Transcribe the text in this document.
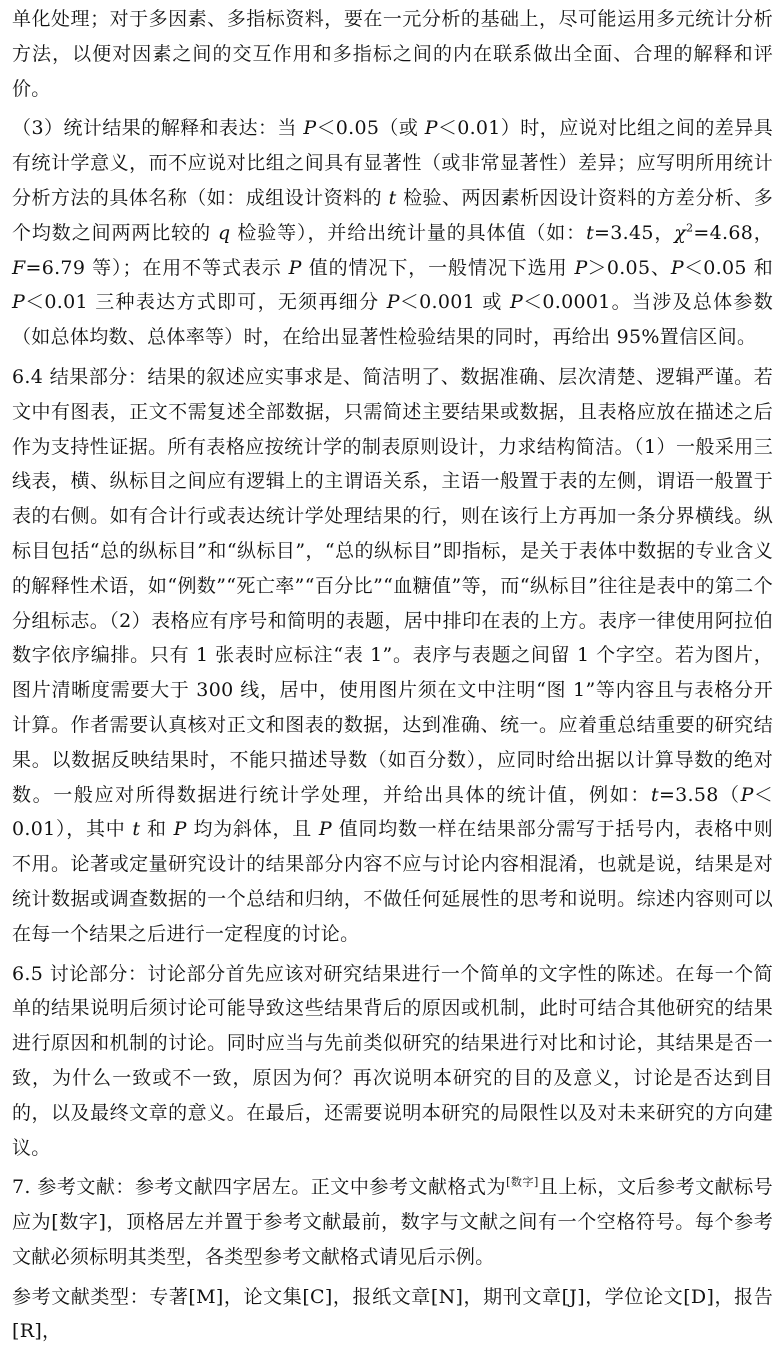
单化处理；对于多因素、多指标资料，要在一元分析的基础上，尽可能运用多元统计分析方法，以便对因素之间的交互作用和多指标之间的内在联系做出全面、合理的解释和评价。

（3）统计结果的解释和表达：当 P＜0.05（或 P＜0.01）时，应说对比组之间的差异具有统计学意义，而不应说对比组之间具有显著性（或非常显著性）差异；应写明所用统计分析方法的具体名称（如：成组设计资料的 t 检验、两因素析因设计资料的方差分析、多个均数之间两两比较的 q 检验等），并给出统计量的具体值（如：t=3.45，$\chi^2=4.68$，F=6.79 等）；在用不等式表示 P 值的情况下，一般情况下选用 P＞0.05、P＜0.05 和 P＜0.01 三种表达方式即可，无须再细分 P＜0.001 或 P＜0.0001。当涉及总体参数（如总体均数、总体率等）时，在给出显著性检验结果的同时，再给出 95%置信区间。

6.4 结果部分：结果的叙述应实事求是、简洁明了、数据准确、层次清楚、逻辑严谨。若文中有图表，正文不需复述全部数据，只需简述主要结果或数据，且表格应放在描述之后作为支持性证据。所有表格应按统计学的制表原则设计，力求结构简洁。（1）一般采用三线表，横、纵标目之间应有逻辑上的主谓语关系，主语一般置于表的左侧，谓语一般置于表的右侧。如有合计行或表达统计学处理结果的行，则在该行上方再加一条分界横线。纵标目包括“总的纵标目”和“纵标目”，“总的纵标目”即指标，是关于表体中数据的专业含义的解释性术语，如“例数”“死亡率”“百分比”“血糖值”等，而“纵标目”往往是表中的第二个分组标志。（2）表格应有序号和简明的表题，居中排印在表的上方。表序一律使用阿拉伯数字依序编排。只有 1 张表时应标注“表 1”。表序与表题之间留 1 个字空。若为图片，图片清晰度需要大于 300 线，居中，使用图片须在文中注明“图 1”等内容且与表格分开计算。作者需要认真核对正文和图表的数据，达到准确、统一。应着重总结重要的研究结果。以数据反映结果时，不能只描述导数（如百分数），应同时给出据以计算导数的绝对数。一般应对所得数据进行统计学处理，并给出具体的统计值，例如：t=3.58（P＜0.01），其中 t 和 P 均为斜体，且 P 值同均数一样在结果部分需写于括号内，表格中则不用。论著或定量研究设计的结果部分内容不应与讨论内容相混淆，也就是说，结果是对统计数据或调查数据的一个总结和归纳，不做任何延展性的思考和说明。综述内容则可以在每一个结果之后进行一定程度的讨论。

6.5 讨论部分：讨论部分首先应该对研究结果进行一个简单的文字性的陈述。在每一个简单的结果说明后须讨论可能导致这些结果背后的原因或机制，此时可结合其他研究的结果进行原因和机制的讨论。同时应当与先前类似研究的结果进行对比和讨论，其结果是否一致，为什么一致或不一致，原因为何？再次说明本研究的目的及意义，讨论是否达到目的，以及最终文章的意义。在最后，还需要说明本研究的局限性以及对未来研究的方向建议。

7. 参考文献：参考文献四字居左。正文中参考文献格式为[数字]且上标，文后参考文献标号应为[数字]，顶格居左并置于参考文献最前，数字与文献之间有一个空格符号。每个参考文献必须标明其类型，各类型参考文献格式请见后示例。

参考文献类型：专著[M]，论文集[C]，报纸文章[N]，期刊文章[J]，学位论文[D]，报告[R]，
